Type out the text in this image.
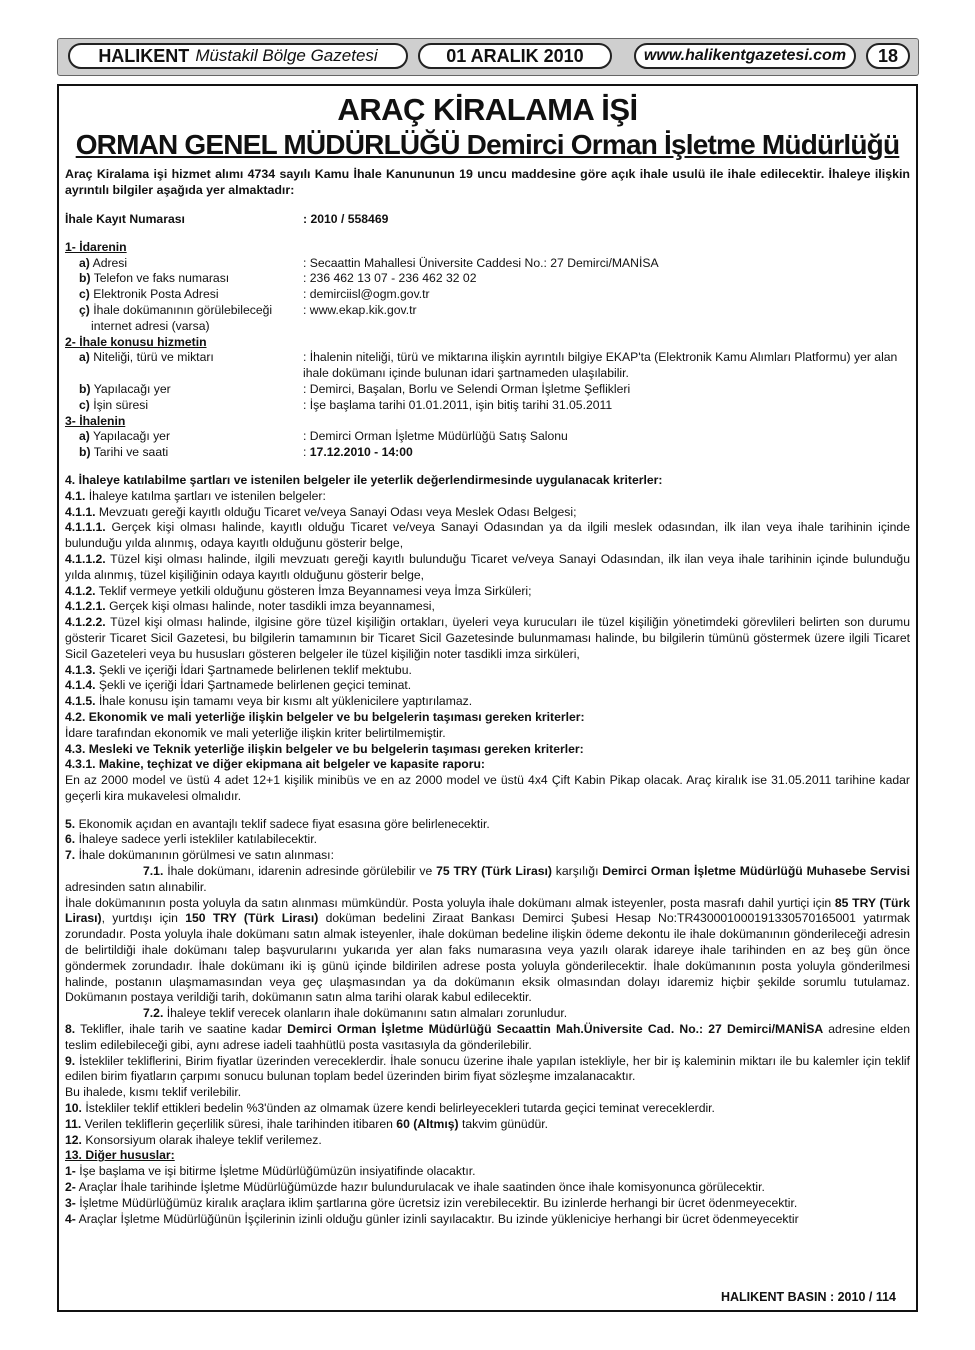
HALIKENT Müstakil Bölge Gazetesi	01 ARALIK 2010	www.halikentgazetesi.com	18
ARAÇ KİRALAMA İŞİ
ORMAN GENEL MÜDÜRLÜĞÜ Demirci Orman İşletme Müdürlüğü
Araç Kiralama işi hizmet alımı 4734 sayılı Kamu İhale Kanununun 19 uncu maddesine göre açık ihale usulü ile ihale edilecektir. İhaleye ilişkin ayrıntılı bilgiler aşağıda yer almaktadır:
İhale Kayıt Numarası	: 2010 / 558469
1- İdarenin
a) Adresi	: Secaattin Mahallesi Üniversite Caddesi No.: 27 Demirci/MANİSA
b) Telefon ve faks numarası	: 236 462 13 07 - 236 462 32 02
c) Elektronik Posta Adresi	: demirciisl@ogm.gov.tr
ç) İhale dokümanının görülebileceği	: www.ekap.kik.gov.tr
internet adresi (varsa)
2- İhale konusu hizmetin
a) Niteliği, türü ve miktarı	: İhalenin niteliği, türü ve miktarına ilişkin ayrıntılı bilgiye EKAP'ta (Elektronik Kamu Alımları Platformu) yer alan ihale dokümanı içinde bulunan idari şartnameden ulaşılabilir.
b) Yapılacağı yer	: Demirci, Başalan, Borlu ve Selendi Orman İşletme Şeflikleri
c) İşin süresi	: İşe başlama tarihi 01.01.2011, işin bitiş tarihi 31.05.2011
3- İhalenin
a) Yapılacağı yer	: Demirci Orman İşletme Müdürlüğü Satış Salonu
b) Tarihi ve saati	: 17.12.2010 - 14:00
4. İhaleye katılabilme şartları ve istenilen belgeler ile yeterlik değerlendirmesinde uygulanacak kriterler:
4.1. İhaleye katılma şartları ve istenilen belgeler:
4.1.1. Mevzuatı gereği kayıtlı olduğu Ticaret ve/veya Sanayi Odası veya Meslek Odası Belgesi;
4.1.1.1. Gerçek kişi olması halinde, kayıtlı olduğu Ticaret ve/veya Sanayi Odasından ya da ilgili meslek odasından, ilk ilan veya ihale tarihinin içinde bulunduğu yılda alınmış, odaya kayıtlı olduğunu gösterir belge,
4.1.1.2. Tüzel kişi olması halinde, ilgili mevzuatı gereği kayıtlı bulunduğu Ticaret ve/veya Sanayi Odasından, ilk ilan veya ihale tarihinin içinde bulunduğu yılda alınmış, tüzel kişiliğinin odaya kayıtlı olduğunu gösterir belge,
4.1.2. Teklif vermeye yetkili olduğunu gösteren İmza Beyannamesi veya İmza Sirküleri;
4.1.2.1. Gerçek kişi olması halinde, noter tasdikli imza beyannamesi,
4.1.2.2. Tüzel kişi olması halinde, ilgisine göre tüzel kişiliğin ortakları, üyeleri veya kurucuları ile tüzel kişiliğin yönetimdeki görevlileri belirten son durumu gösterir Ticaret Sicil Gazetesi, bu bilgilerin tamamının bir Ticaret Sicil Gazetesinde bulunmaması halinde, bu bilgilerin tümünü göstermek üzere ilgili Ticaret Sicil Gazeteleri veya bu hususları gösteren belgeler ile tüzel kişiliğin noter tasdikli imza sirküleri,
4.1.3. Şekli ve içeriği İdari Şartnamede belirlenen teklif mektubu.
4.1.4. Şekli ve içeriği İdari Şartnamede belirlenen geçici teminat.
4.1.5. İhale konusu işin tamamı veya bir kısmı alt yüklenicilere yaptırılamaz.
4.2. Ekonomik ve mali yeterliğe ilişkin belgeler ve bu belgelerin taşıması gereken kriterler:
İdare tarafından ekonomik ve mali yeterliğe ilişkin kriter belirtilmemiştir.
4.3. Mesleki ve Teknik yeterliğe ilişkin belgeler ve bu belgelerin taşıması gereken kriterler:
4.3.1. Makine, teçhizat ve diğer ekipmana ait belgeler ve kapasite raporu:
En az 2000 model ve üstü 4 adet 12+1 kişilik minibüs ve en az 2000 model ve üstü 4x4 Çift Kabin Pikap olacak. Araç kiralık ise 31.05.2011 tarihine kadar geçerli kira mukavelesi olmalıdır.
5. Ekonomik açıdan en avantajlı teklif sadece fiyat esasına göre belirlenecektir.
6. İhaleye sadece yerli istekliler katılabilecektir.
7. İhale dokümanının görülmesi ve satın alınması:
7.1. İhale dokümanı, idarenin adresinde görülebilir ve 75 TRY (Türk Lirası) karşılığı Demirci Orman İşletme Müdürlüğü Muhasebe Servisi adresinden satın alınabilir.
İhale dokümanının posta yoluyla da satın alınması mümkündür. Posta yoluyla ihale dokümanı almak isteyenler, posta masrafı dahil yurtiçi için 85 TRY (Türk Lirası), yurtdışı için 150 TRY (Türk Lirası) doküman bedelini Ziraat Bankası Demirci Şubesi Hesap No:TR430001000191330570165001 yatırmak zorundadır. Posta yoluyla ihale dokümanı satın almak isteyenler, ihale doküman bedeline ilişkin ödeme dekontu ile ihale dokümanının gönderileceği adresin de belirtildiği ihale dokümanı talep başvurularını yukarıda yer alan faks numarasına veya yazılı olarak idareye ihale tarihinden en az beş gün önce göndermek zorundadır. İhale dokümanı iki iş günü içinde bildirilen adrese posta yoluyla gönderilecektir. İhale dokümanının posta yoluyla gönderilmesi halinde, postanın ulaşmamasından veya geç ulaşmasından ya da dokümanın eksik olmasından dolayı idaremiz hiçbir şekilde sorumlu tutulamaz. Dokümanın postaya verildiği tarih, dokümanın satın alma tarihi olarak kabul edilecektir.
7.2. İhaleye teklif verecek olanların ihale dokümanını satın almaları zorunludur.
8. Teklifler, ihale tarih ve saatine kadar Demirci Orman İşletme Müdürlüğü Secaattin Mah.Üniversite Cad. No.: 27 Demirci/MANİSA adresine elden teslim edilebileceği gibi, aynı adrese iadeli taahhütlü posta vasıtasıyla da gönderilebilir.
9. İstekliler tekliflerini, Birim fiyatlar üzerinden vereceklerdir. İhale sonucu üzerine ihale yapılan istekliyle, her bir iş kaleminin miktarı ile bu kalemler için teklif edilen birim fiyatların çarpımı sonucu bulunan toplam bedel üzerinden birim fiyat sözleşme imzalanacaktır.
Bu ihalede, kısmı teklif verilebilir.
10. İstekliler teklif ettikleri bedelin %3'ünden az olmamak üzere kendi belirleyecekleri tutarda geçici teminat vereceklerdir.
11. Verilen tekliflerin geçerlilik süresi, ihale tarihinden itibaren 60 (Altmış) takvim günüdür.
12. Konsorsiyum olarak ihaleye teklif verilemez.
13. Diğer hususlar:
1- İşe başlama ve işi bitirme İşletme Müdürlüğümüzün insiyatifinde olacaktır.
2- Araçlar İhale tarihinde İşletme Müdürlüğümüzde hazır bulundurulacak ve ihale saatinden önce ihale komisyonunca görülecektir.
3- İşletme Müdürlüğümüz kiralık araçlara iklim şartlarına göre ücretsiz izin verebilecektir. Bu izinlerde herhangi bir ücret ödenmeyecektir.
4- Araçlar İşletme Müdürlüğünün İşçilerinin izinli olduğu günler izinli sayılacaktır. Bu izinde yükleniciye herhangi bir ücret ödenmeyecektir
HALIKENT BASIN : 2010 / 114
